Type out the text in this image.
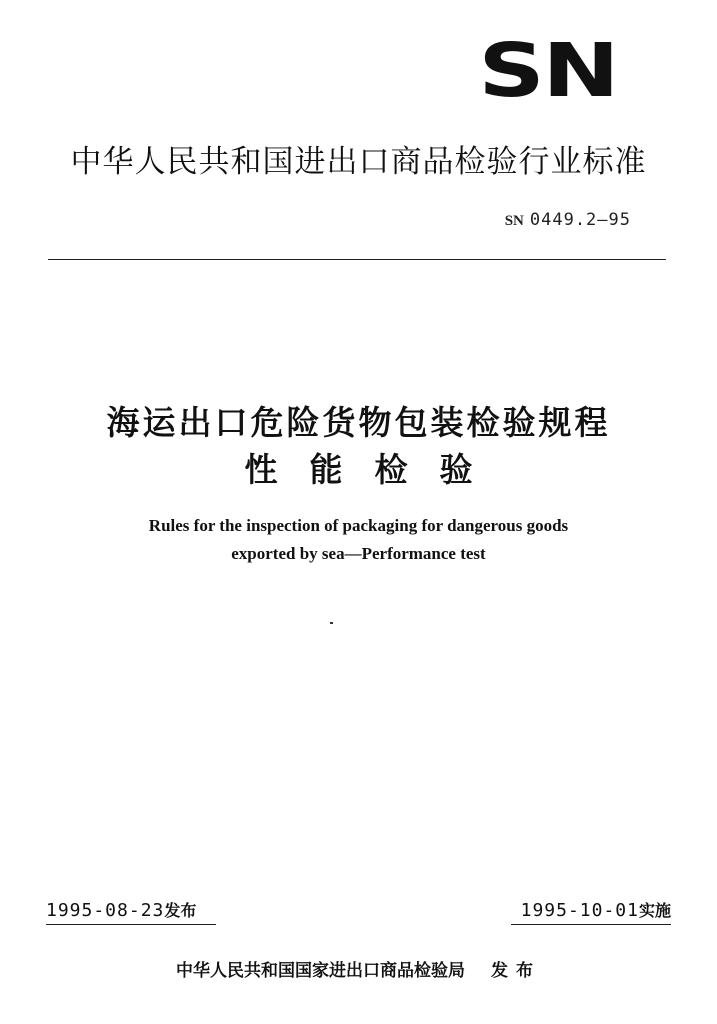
SN
中华人民共和国进出口商品检验行业标准
SN 0449.2—95
海运出口危险货物包装检验规程
性能检验
Rules for the inspection of packaging for dangerous goods
exported by sea—Performance test
1995-08-23发布	1995-10-01实施
中华人民共和国国家进出口商品检验局 发布
